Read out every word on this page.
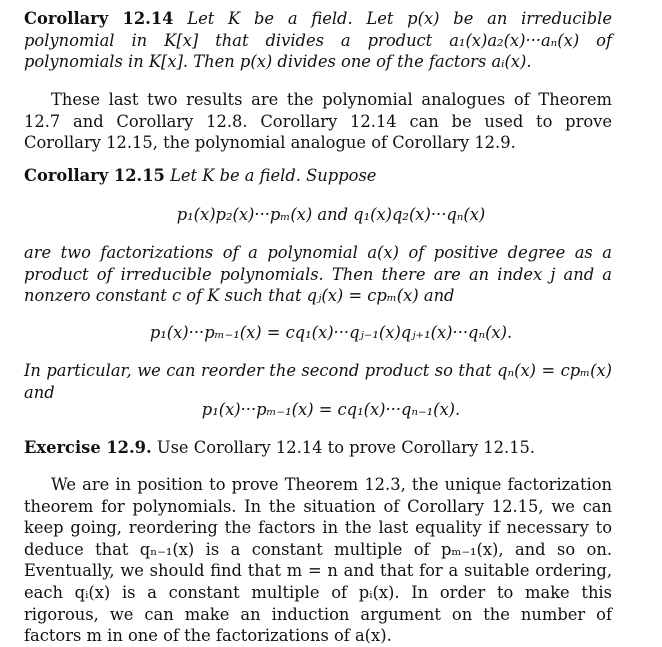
Corollary 12.14 Let K be a field. Let p(x) be an irreducible polynomial in K[x] that divides a product a₁(x)a₂(x)···aₙ(x) of polynomials in K[x]. Then p(x) divides one of the factors aᵢ(x).
These last two results are the polynomial analogues of Theorem 12.7 and Corollary 12.8. Corollary 12.14 can be used to prove Corollary 12.15, the polynomial analogue of Corollary 12.9.
Corollary 12.15 Let K be a field. Suppose
p₁(x)p₂(x)···pₘ(x) and q₁(x)q₂(x)···qₙ(x)
are two factorizations of a polynomial a(x) of positive degree as a product of irreducible polynomials. Then there are an index j and a nonzero constant c of K such that qⱼ(x) = cpₘ(x) and
p₁(x)···pₘ₋₁(x) = cq₁(x)···qⱼ₋₁(x)qⱼ₊₁(x)···qₙ(x).
In particular, we can reorder the second product so that qₙ(x) = cpₘ(x) and
p₁(x)···pₘ₋₁(x) = cq₁(x)···qₙ₋₁(x).
Exercise 12.9. Use Corollary 12.14 to prove Corollary 12.15.
We are in position to prove Theorem 12.3, the unique factorization theorem for polynomials. In the situation of Corollary 12.15, we can keep going, reordering the factors in the last equality if necessary to deduce that qₙ₋₁(x) is a constant multiple of pₘ₋₁(x), and so on. Eventually, we should find that m = n and that for a suitable ordering, each qᵢ(x) is a constant multiple of pᵢ(x). In order to make this rigorous, we can make an induction argument on the number of factors m in one of the factorizations of a(x).
